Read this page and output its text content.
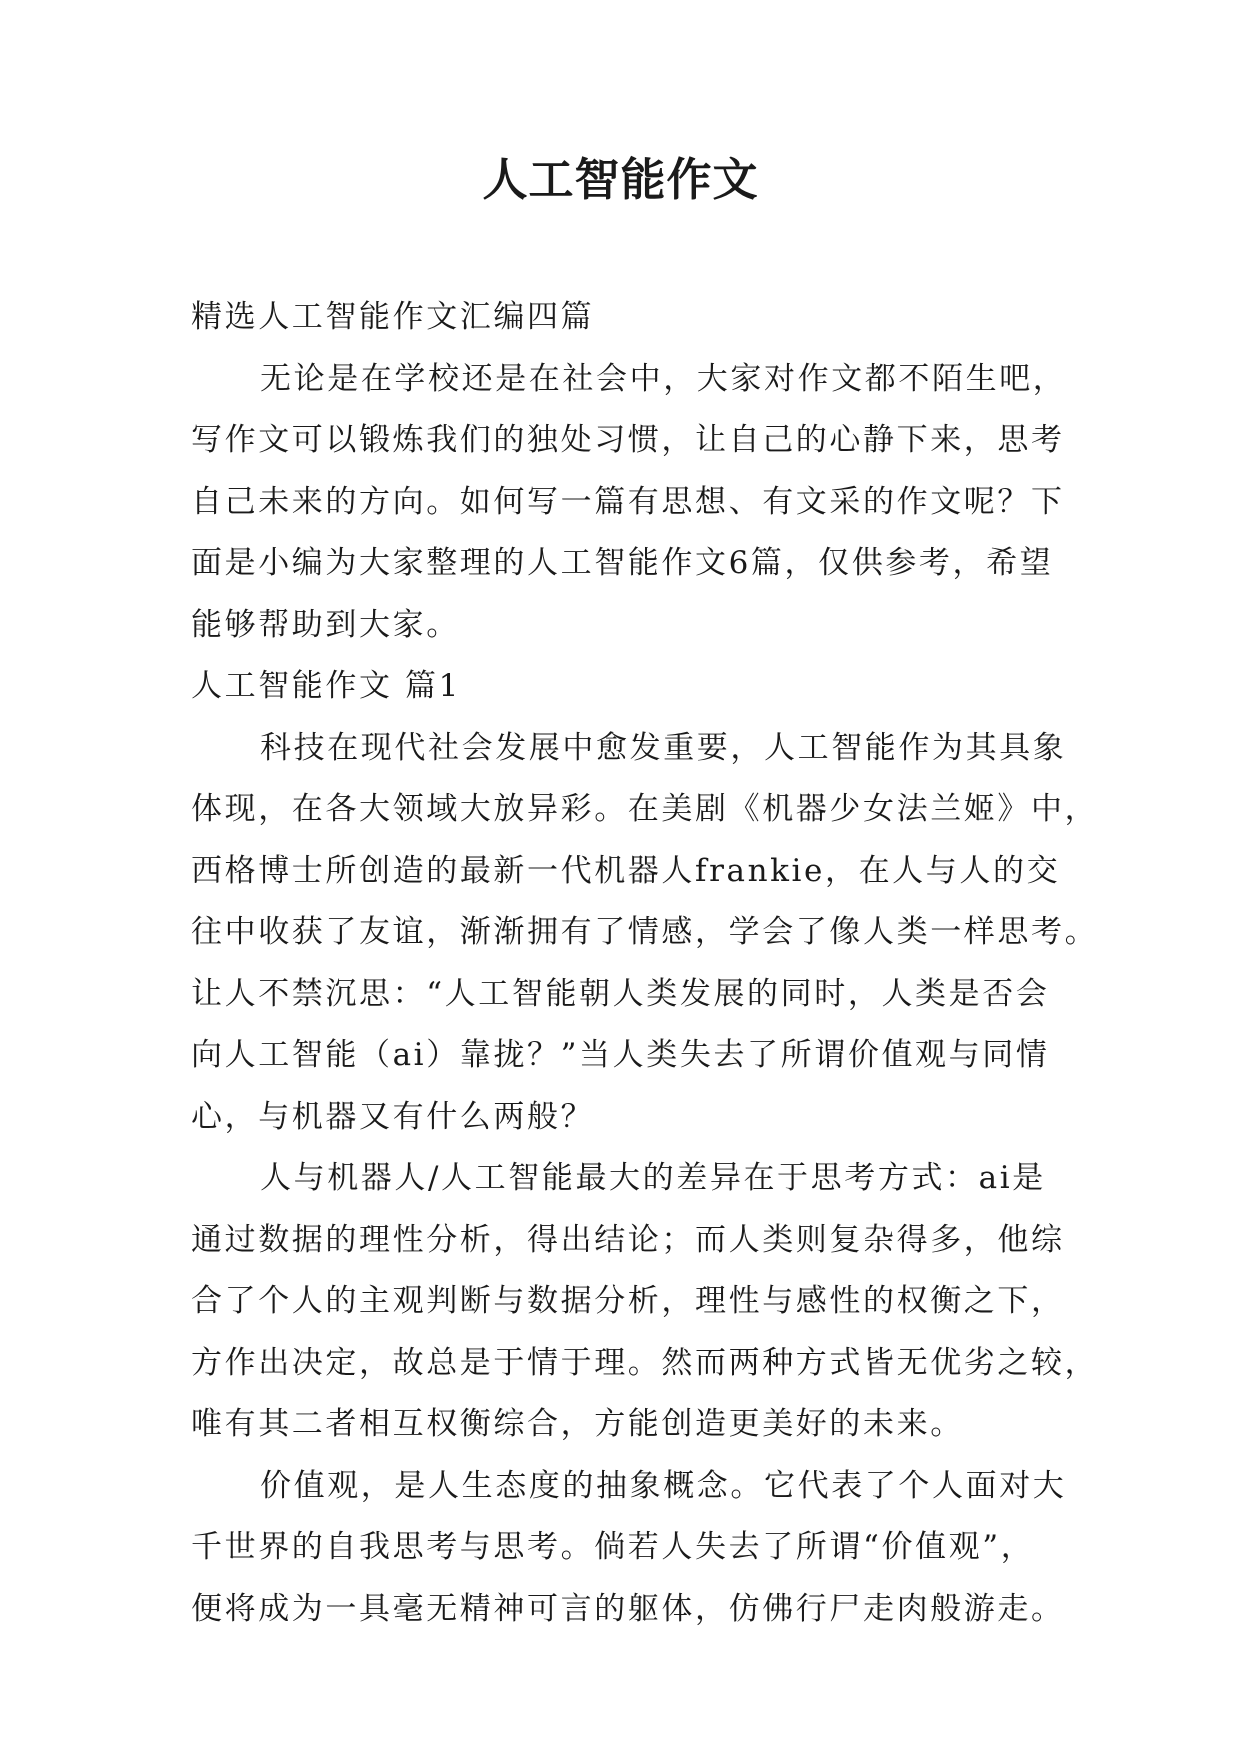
人工智能作文
精选人工智能作文汇编四篇
无论是在学校还是在社会中，大家对作文都不陌生吧，
写作文可以锻炼我们的独处习惯，让自己的心静下来，思考
自己未来的方向。如何写一篇有思想、有文采的作文呢？下
面是小编为大家整理的人工智能作文6篇，仅供参考，希望
能够帮助到大家。
人工智能作文 篇1
科技在现代社会发展中愈发重要，人工智能作为其具象
体现，在各大领域大放异彩。在美剧《机器少女法兰姬》中，
西格博士所创造的最新一代机器人frankie，在人与人的交
往中收获了友谊，渐渐拥有了情感，学会了像人类一样思考。
让人不禁沉思：“人工智能朝人类发展的同时，人类是否会
向人工智能（ai）靠拢？”当人类失去了所谓价值观与同情
心，与机器又有什么两般？
人与机器人/人工智能最大的差异在于思考方式：ai是
通过数据的理性分析，得出结论；而人类则复杂得多，他综
合了个人的主观判断与数据分析，理性与感性的权衡之下，
方作出决定，故总是于情于理。然而两种方式皆无优劣之较，
唯有其二者相互权衡综合，方能创造更美好的未来。
价值观，是人生态度的抽象概念。它代表了个人面对大
千世界的自我思考与思考。倘若人失去了所谓“价值观”，
便将成为一具毫无精神可言的躯体，仿佛行尸走肉般游走。
